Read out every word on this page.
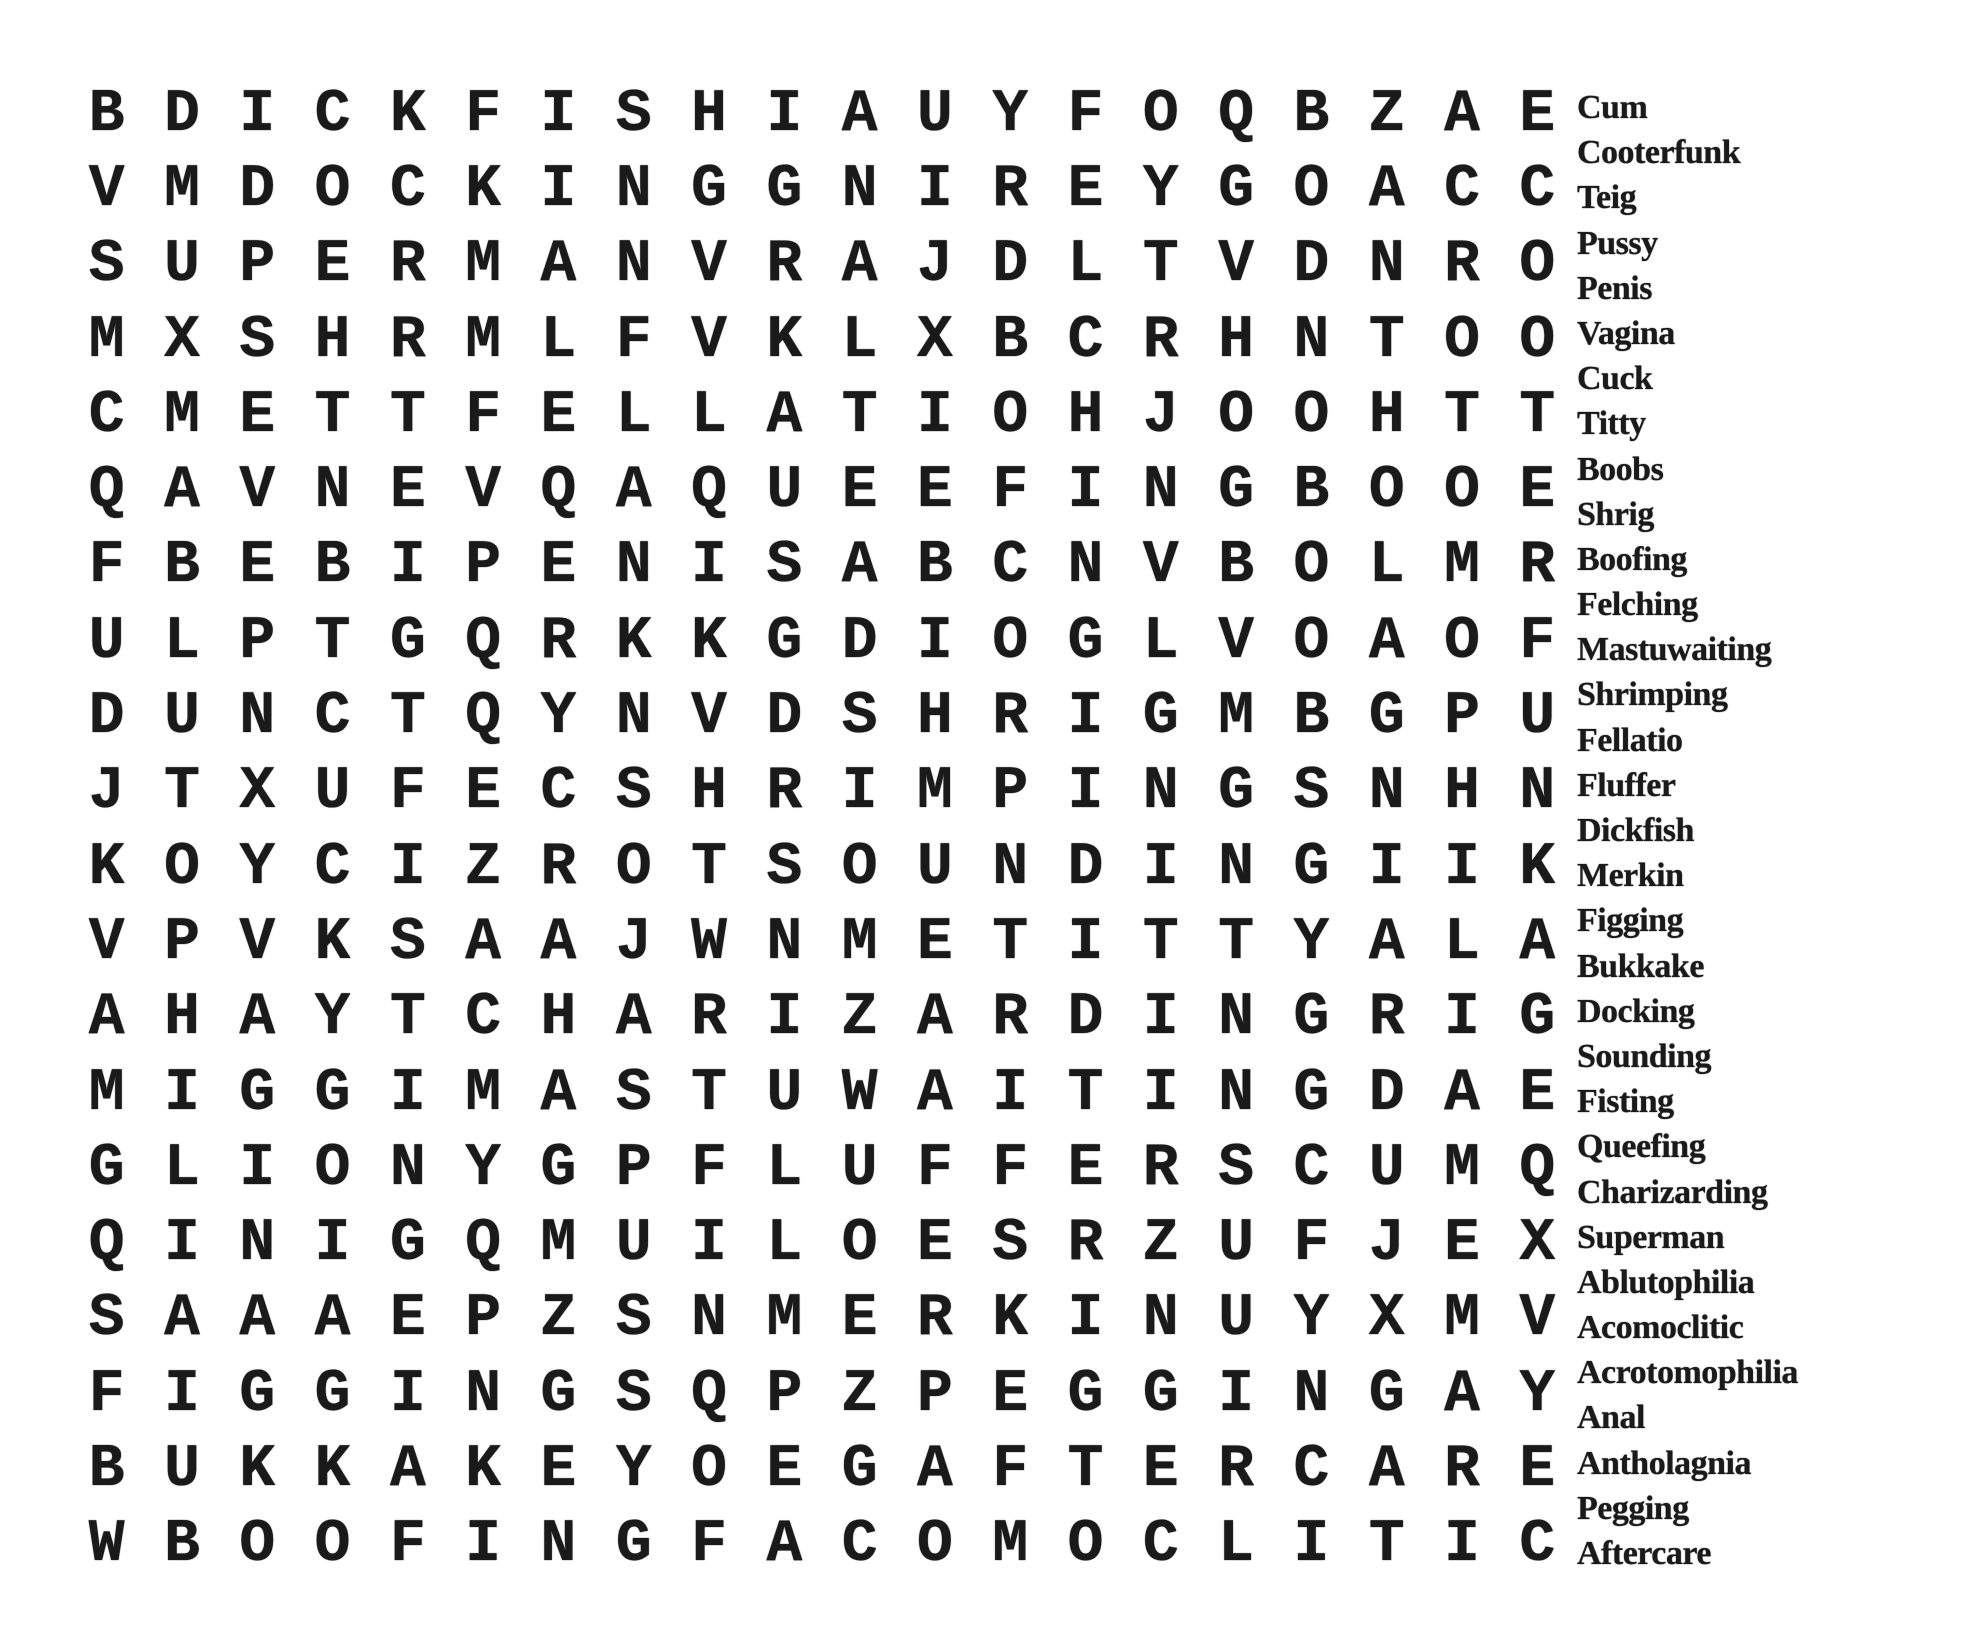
B D I C K F I S H I A U Y F O Q B Z A E
V M D O C K I N G G N I R E Y G O A C C
S U P E R M A N V R A J D L T V D N R O
M X S H R M L F V K L X B C R H N T O O
C M E T T F E L L A T I O H J O O H T T
Q A V N E V Q A Q U E E F I N G B O O E
F B E B I P E N I S A B C N V B O L M R
U L P T G Q R K K G D I O G L V O A O F
D U N C T Q Y N V D S H R I G M B G P U
J T X U F E C S H R I M P I N G S N H N
K O Y C I Z R O T S O U N D I N G I I K
V P V K S A A J W N M E T I T T Y A L A
A H A Y T C H A R I Z A R D I N G R I G
M I G G I M A S T U W A I T I N G D A E
G L I O N Y G P F L U F F E R S C U M Q
Q I N I G Q M U I L O E S R Z U F J E X
S A A A E P Z S N M E R K I N U Y X M V
F I G G I N G S Q P Z P E G G I N G A Y
B U K K A K E Y O E G A F T E R C A R E
W B O O F I N G F A C O M O C L I T I C
Cum
Cooterfunk
Teig
Pussy
Penis
Vagina
Cuck
Titty
Boobs
Shrig
Boofing
Felching
Mastuwaiting
Shrimping
Fellatio
Fluffer
Dickfish
Merkin
Figging
Bukkake
Docking
Sounding
Fisting
Queefing
Charizarding
Superman
Ablutophilia
Acomoclitic
Acrotomophilia
Anal
Antholagnia
Pegging
Aftercare
